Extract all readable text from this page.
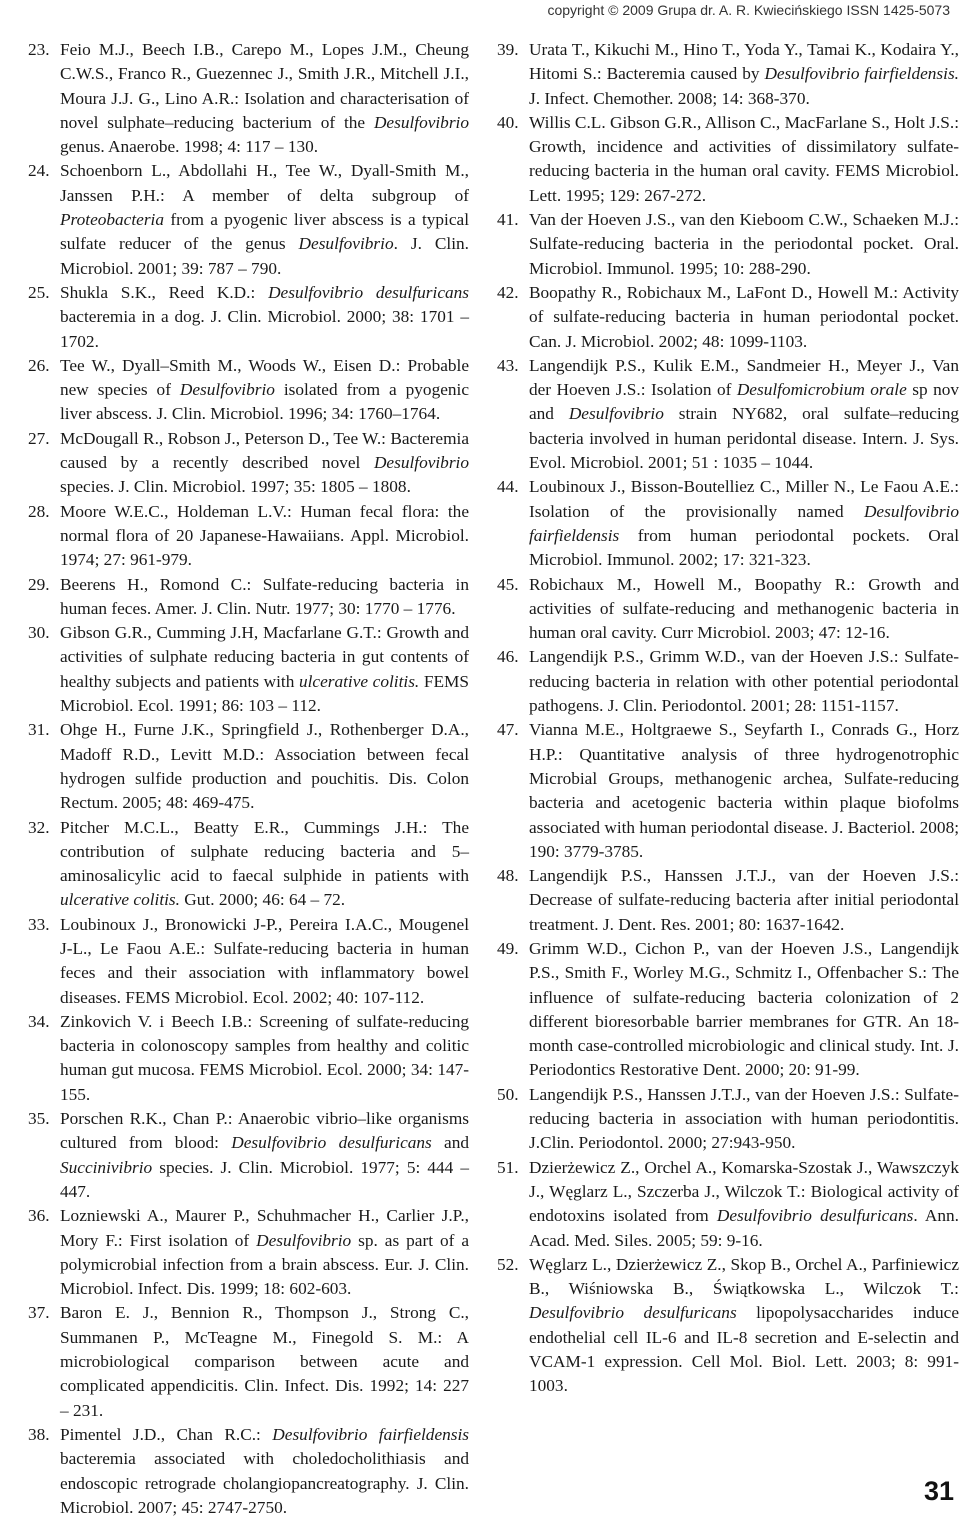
copyright © 2009 Grupa dr. A. R. Kwiecińskiego ISSN 1425-5073

23. Feio M.J., Beech I.B., Carepo M., Lopes J.M., Cheung C.W.S., Franco R., Guezennec J., Smith J.R., Mitchell J.I., Moura J.J. G., Lino A.R.: Isolation and characterisation of novel sulphate–reducing bacterium of the Desulfovibrio genus. Anaerobe. 1998; 4: 117 – 130.

24. Schoenborn L., Abdollahi H., Tee W., Dyall-Smith M., Janssen P.H.: A member of delta subgroup of Proteobacteria from a pyogenic liver abscess is a typical sulfate reducer of the genus Desulfovibrio. J. Clin. Microbiol. 2001; 39: 787 – 790.

25. Shukla S.K., Reed K.D.: Desulfovibrio desulfuricans bacteremia in a dog. J. Clin. Microbiol. 2000; 38: 1701 – 1702.

26. Tee W., Dyall–Smith M., Woods W., Eisen D.: Probable new species of Desulfovibrio isolated from a pyogenic liver abscess. J. Clin. Microbiol. 1996; 34: 1760–1764.

27. McDougall R., Robson J., Peterson D., Tee W.: Bacteremia caused by a recently described novel Desulfovibrio species. J. Clin. Microbiol. 1997; 35: 1805 – 1808.

28. Moore W.E.C., Holdeman L.V.: Human fecal flora: the normal flora of 20 Japanese-Hawaiians. Appl. Microbiol. 1974; 27: 961-979.

29. Beerens H., Romond C.: Sulfate-reducing bacteria in human feces. Amer. J. Clin. Nutr. 1977; 30: 1770 – 1776.

30. Gibson G.R., Cumming J.H, Macfarlane G.T.: Growth and activities of sulphate reducing bacteria in gut contents of healthy subjects and patients with ulcerative colitis. FEMS Microbiol. Ecol. 1991; 86: 103 – 112.

31. Ohge H., Furne J.K., Springfield J., Rothenberger D.A., Madoff R.D., Levitt M.D.: Association between fecal hydrogen sulfide production and pouchitis. Dis. Colon Rectum. 2005; 48: 469-475.

32. Pitcher M.C.L., Beatty E.R., Cummings J.H.: The contribution of sulphate reducing bacteria and 5–aminosalicylic acid to faecal sulphide in patients with ulcerative colitis. Gut. 2000; 46: 64 – 72.

33. Loubinoux J., Bronowicki J-P., Pereira I.A.C., Mougenel J-L., Le Faou A.E.: Sulfate-reducing bacteria in human feces and their association with inflammatory bowel diseases. FEMS Microbiol. Ecol. 2002; 40: 107-112.

34. Zinkovich V. i Beech I.B.: Screening of sulfate-reducing bacteria in colonoscopy samples from healthy and colitic human gut mucosa. FEMS Microbiol. Ecol. 2000; 34: 147-155.

35. Porschen R.K., Chan P.: Anaerobic vibrio–like organisms cultured from blood: Desulfovibrio desulfuricans and Succinivibrio species. J. Clin. Microbiol. 1977; 5: 444 – 447.

36. Lozniewski A., Maurer P., Schuhmacher H., Carlier J.P., Mory F.: First isolation of Desulfovibrio sp. as part of a polymicrobial infection from a brain abscess. Eur. J. Clin. Microbiol. Infect. Dis. 1999; 18: 602-603.

37. Baron E. J., Bennion R., Thompson J., Strong C., Summanen P., McTeagne M., Finegold S. M.: A microbiological comparison between acute and complicated appendicitis. Clin. Infect. Dis. 1992; 14: 227 – 231.

38. Pimentel J.D., Chan R.C.: Desulfovibrio fairfieldensis bacteremia associated with choledocholithiasis and endoscopic retrograde cholangiopancreatography. J. Clin. Microbiol. 2007; 45: 2747-2750.

39. Urata T., Kikuchi M., Hino T., Yoda Y., Tamai K., Kodaira Y., Hitomi S.: Bacteremia caused by Desulfovibrio fairfieldensis. J. Infect. Chemother. 2008; 14: 368-370.

40. Willis C.L. Gibson G.R., Allison C., MacFarlane S., Holt J.S.: Growth, incidence and activities of dissimilatory sulfate-reducing bacteria in the human oral cavity. FEMS Microbiol. Lett. 1995; 129: 267-272.

41. Van der Hoeven J.S., van den Kieboom C.W., Schaeken M.J.: Sulfate-reducing bacteria in the periodontal pocket. Oral. Microbiol. Immunol. 1995; 10: 288-290.

42. Boopathy R., Robichaux M., LaFont D., Howell M.: Activity of sulfate-reducing bacteria in human periodontal pocket. Can. J. Microbiol. 2002; 48: 1099-1103.

43. Langendijk P.S., Kulik E.M., Sandmeier H., Meyer J., Van der Hoeven J.S.: Isolation of Desulfomicrobium orale sp nov and Desulfovibrio strain NY682, oral sulfate–reducing bacteria involved in human peridontal disease. Intern. J. Sys. Evol. Microbiol. 2001; 51 : 1035 – 1044.

44. Loubinoux J., Bisson-Boutelliez C., Miller N., Le Faou A.E.: Isolation of the provisionally named Desulfovibrio fairfieldensis from human periodontal pockets. Oral Microbiol. Immunol. 2002; 17: 321-323.

45. Robichaux M., Howell M., Boopathy R.: Growth and activities of sulfate-reducing and methanogenic bacteria in human oral cavity. Curr Microbiol. 2003; 47: 12-16.

46. Langendijk P.S., Grimm W.D., van der Hoeven J.S.: Sulfate-reducing bacteria in relation with other potential periodontal pathogens. J. Clin. Periodontol. 2001; 28: 1151-1157.

47. Vianna M.E., Holtgraewe S., Seyfarth I., Conrads G., Horz H.P.: Quantitative analysis of three hydrogenotrophic Microbial Groups, methanogenic archea, Sulfate-reducing bacteria and acetogenic bacteria within plaque biofolms associated with human periodontal disease. J. Bacteriol. 2008; 190: 3779-3785.

48. Langendijk P.S., Hanssen J.T.J., van der Hoeven J.S.: Decrease of sulfate-reducing bacteria after initial periodontal treatment. J. Dent. Res. 2001; 80: 1637-1642.

49. Grimm W.D., Cichon P., van der Hoeven J.S., Langendijk P.S., Smith F., Worley M.G., Schmitz I., Offenbacher S.: The influence of sulfate-reducing bacteria colonization of 2 different bioresorbable barrier membranes for GTR. An 18-month case-controlled microbiologic and clinical study. Int. J. Periodontics Restorative Dent. 2000; 20: 91-99.

50. Langendijk P.S., Hanssen J.T.J., van der Hoeven J.S.: Sulfate-reducing bacteria in association with human periodontitis. J.Clin. Periodontol. 2000; 27:943-950.

51. Dzierżewicz Z., Orchel A., Komarska-Szostak J., Wawszczyk J., Węglarz L., Szczerba J., Wilczok T.: Biological activity of endotoxins isolated from Desulfovibrio desulfuricans. Ann. Acad. Med. Siles. 2005; 59: 9-16.

52. Węglarz L., Dzierżewicz Z., Skop B., Orchel A., Parfiniewicz B., Wiśniowska B., Świątkowska L., Wilczok T.: Desulfovibrio desulfuricans lipopolysaccharides induce endothelial cell IL-6 and IL-8 secretion and E-selectin and VCAM-1 expression. Cell Mol. Biol. Lett. 2003; 8: 991-1003.

31
